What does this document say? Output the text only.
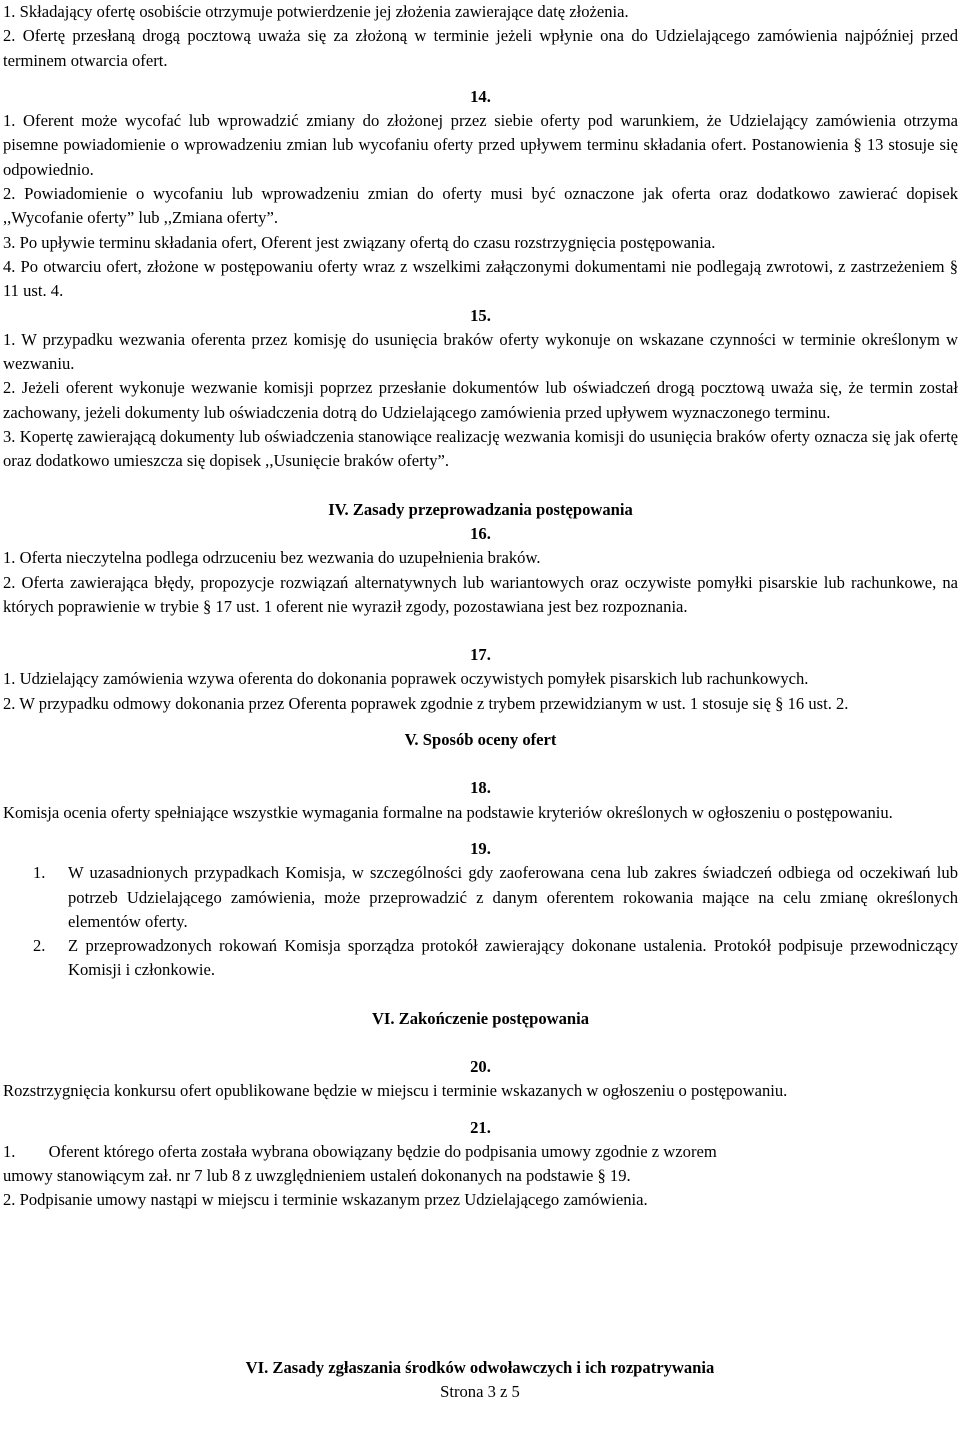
1. Składający ofertę osobiście otrzymuje potwierdzenie jej złożenia zawierające datę złożenia.

2. Ofertę przesłaną drogą pocztową uważa się za złożoną w terminie jeżeli wpłynie ona do Udzielającego zamówienia najpóźniej przed terminem otwarcia ofert.

14.

1. Oferent może wycofać lub wprowadzić zmiany do złożonej przez siebie oferty pod warunkiem, że Udzielający zamówienia otrzyma pisemne powiadomienie o wprowadzeniu zmian lub wycofaniu oferty przed upływem terminu składania ofert. Postanowienia § 13 stosuje się odpowiednio.

2. Powiadomienie o wycofaniu lub wprowadzeniu zmian do oferty musi być oznaczone jak oferta oraz dodatkowo zawierać dopisek ,,Wycofanie oferty” lub ,,Zmiana oferty”.

3. Po upływie terminu składania ofert, Oferent jest związany ofertą do czasu rozstrzygnięcia postępowania.

4. Po otwarciu ofert, złożone w postępowaniu oferty wraz z wszelkimi załączonymi dokumentami nie podlegają zwrotowi, z zastrzeżeniem § 11 ust. 4.

15.

1. W przypadku wezwania oferenta przez komisję do usunięcia braków oferty wykonuje on wskazane czynności w terminie określonym w wezwaniu.

2. Jeżeli oferent wykonuje wezwanie komisji poprzez przesłanie dokumentów lub oświadczeń drogą pocztową uważa się, że termin został zachowany, jeżeli dokumenty lub oświadczenia dotrą do Udzielającego zamówienia przed upływem wyznaczonego terminu.

3. Kopertę zawierającą dokumenty lub oświadczenia stanowiące realizację wezwania komisji do usunięcia braków oferty oznacza się jak ofertę oraz dodatkowo umieszcza się dopisek ,,Usunięcie braków oferty”.

IV. Zasady przeprowadzania postępowania

16.

1. Oferta nieczytelna podlega odrzuceniu bez wezwania do uzupełnienia braków.

2. Oferta zawierająca błędy, propozycje rozwiązań alternatywnych lub wariantowych oraz oczywiste pomyłki pisarskie lub rachunkowe, na których poprawienie w trybie § 17 ust. 1 oferent nie wyraził zgody, pozostawiana jest bez rozpoznania.

17.

1. Udzielający zamówienia wzywa oferenta do dokonania poprawek oczywistych pomyłek pisarskich lub rachunkowych.

2. W przypadku odmowy dokonania przez Oferenta poprawek zgodnie z trybem przewidzianym w ust. 1 stosuje się § 16 ust. 2.

V. Sposób oceny ofert

18.

Komisja ocenia oferty spełniające wszystkie wymagania formalne na podstawie kryteriów określonych w ogłoszeniu o postępowaniu.

19.

1.	W uzasadnionych przypadkach Komisja, w szczególności gdy zaoferowana cena lub zakres świadczeń odbiega od oczekiwań lub potrzeb Udzielającego zamówienia, może przeprowadzić z danym oferentem rokowania mające na celu zmianę określonych elementów oferty.
2.	Z przeprowadzonych rokowań Komisja sporządza protokół zawierający dokonane ustalenia. Protokół podpisuje przewodniczący Komisji i członkowie.

VI. Zakończenie postępowania

20.

Rozstrzygnięcia konkursu ofert opublikowane będzie w miejscu i terminie wskazanych w ogłoszeniu o postępowaniu.

21.

1.        Oferent którego oferta została wybrana obowiązany będzie do podpisania umowy zgodnie z wzorem

umowy stanowiącym zał. nr 7 lub 8 z uwzględnieniem ustaleń dokonanych na podstawie § 19.

2. Podpisanie umowy nastąpi w miejscu i terminie wskazanym przez Udzielającego zamówienia.

VI. Zasady zgłaszania środków odwoławczych i ich rozpatrywania

Strona 3 z 5
